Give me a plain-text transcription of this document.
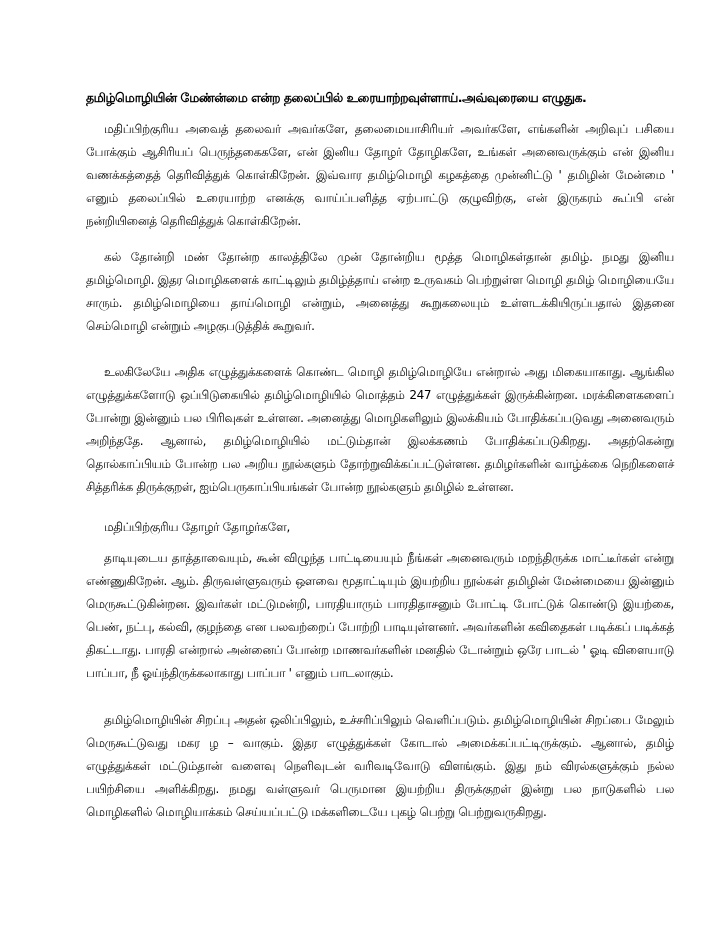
தமிழ்மொழியின் மேண்ன்மை என்ற தலைப்பில் உரையாற்றவுள்ளாய்.அவ்வுரையை எழுதுக.

மதிப்பிற்குரிய அவைத் தலைவர் அவர்களே, தலைமையாசிரியர் அவர்களே, எங்களின் அறிவுப் பசியை போக்கும் ஆசிரியப் பெருந்தகைகளே, என் இனிய தோழர் தோழிகளே, உங்கள் அனைவருக்கும் என் இனிய வணக்கத்தைத் தெரிவித்துக் கொள்கிறேன். இவ்வார தமிழ்மொழி கழகத்தை முன்னிட்டு ' தமிழின் மேன்மை ' எனும் தலைப்பில் உரையாற்ற எனக்கு வாய்ப்பளித்த ஏற்பாட்டு குழுவிற்கு, என் இருகரம் கூப்பி என் நன்றியினைத் தெரிவித்துக் கொள்கிறேன்.

கல் தோன்றி மண் தோன்ற காலத்திலே முன் தோன்றிய மூத்த மொழிகள்தான் தமிழ். நமது இனிய தமிழ்மொழி. இதர மொழிகளைக் காட்டிலும் தமிழ்த்தாய் என்ற உருவகம் பெற்றுள்ள மொழி தமிழ் மொழியையே சாரும். தமிழ்மொழியை தாய்மொழி என்றும், அனைத்து கூறுகலையும் உள்ளடக்கியிருப்பதால் இதனை செம்மொழி என்றும் அழகுபடுத்திக் கூறுவர்.

உலகிலேயே அதிக எழுத்துக்களைக் கொண்ட மொழி தமிழ்மொழியே என்றால் அது மிகையாகாது. ஆங்கில எழுத்துக்களோடு ஒப்பிடுகையில் தமிழ்மொழியில் மொத்தம் 247 எழுத்துக்கள் இருக்கின்றன. மரக்கிளைகளைப் போன்று இன்னும் பல பிரிவுகள் உள்ளன. அனைத்து மொழிகளிலும் இலக்கியம் போதிக்கப்படுவது அனைவரும் அறிந்ததே. ஆனால், தமிழ்மொழியில் மட்டும்தான் இலக்கணம் போதிக்கப்படுகிறது. அதற்கென்று தொல்காப்பியம் போன்ற பல அறிய நூல்களும் தோற்றுவிக்கப்பட்டுள்ளன. தமிழர்களின் வாழ்க்கை நெறிகளைச் சித்தரிக்க திருக்குறள், ஐம்பெருகாப்பியங்கள் போன்ற நூல்களும் தமிழில் உள்ளன.

மதிப்பிற்குரிய தோழர் தோழர்களே,

தாடியுடைய தாத்தாவையும், கூன் விழுந்த பாட்டியையும் நீங்கள் அனைவரும் மறந்திருக்க மாட்டீர்கள் என்று எண்ணுகிறேன். ஆம். திருவள்ளுவரும் ஔவை மூதாட்டியும் இயற்றிய நூல்கள் தமிழின் மேன்மையை இன்னும் மெருகூட்டுகின்றன. இவர்கள் மட்டுமன்றி, பாரதியாரும் பாரதிதாசனும் போட்டி போட்டுக் கொண்டு இயற்கை, பெண், நட்பு, கல்வி, குழந்தை என பலவற்றைப் போற்றி பாடியுள்ளனர். அவர்களின் கவிதைகள் படிக்கப் படிக்கத் திகட்டாது. பாரதி என்றால் அன்னைப் போன்ற மாணவர்களின் மனதில் டோன்றும் ஒரே பாடல் ' ஓடி விளையாடு பாப்பா, நீ ஓய்ந்திருக்கலாகாது பாப்பா ' எனும் பாடலாகும்.

தமிழ்மொழியின் சிறப்பு அதன் ஒலிப்பிலும், உச்சரிப்பிலும் வெளிப்படும். தமிழ்மொழியின் சிறப்பை மேலும் மெருகூட்டுவது மகர ழ – வாகும். இதர எழுத்துக்கள் கோடால் அமைக்கப்பட்டிருக்கும். ஆனால், தமிழ் எழுத்துக்கள் மட்டும்தான் வளைவு நெளிவுடன் வரிவடிவோடு விளங்கும். இது நம் விரல்களுக்கும் நல்ல பயிற்சியை அளிக்கிறது. நமது வள்ளுவர் பெருமான இயற்றிய திருக்குறள் இன்று பல நாடுகளில் பல மொழிகளில் மொழியாக்கம் செய்யப்பட்டு மக்களிடையே புகழ் பெற்று பெற்றுவருகிறது.
